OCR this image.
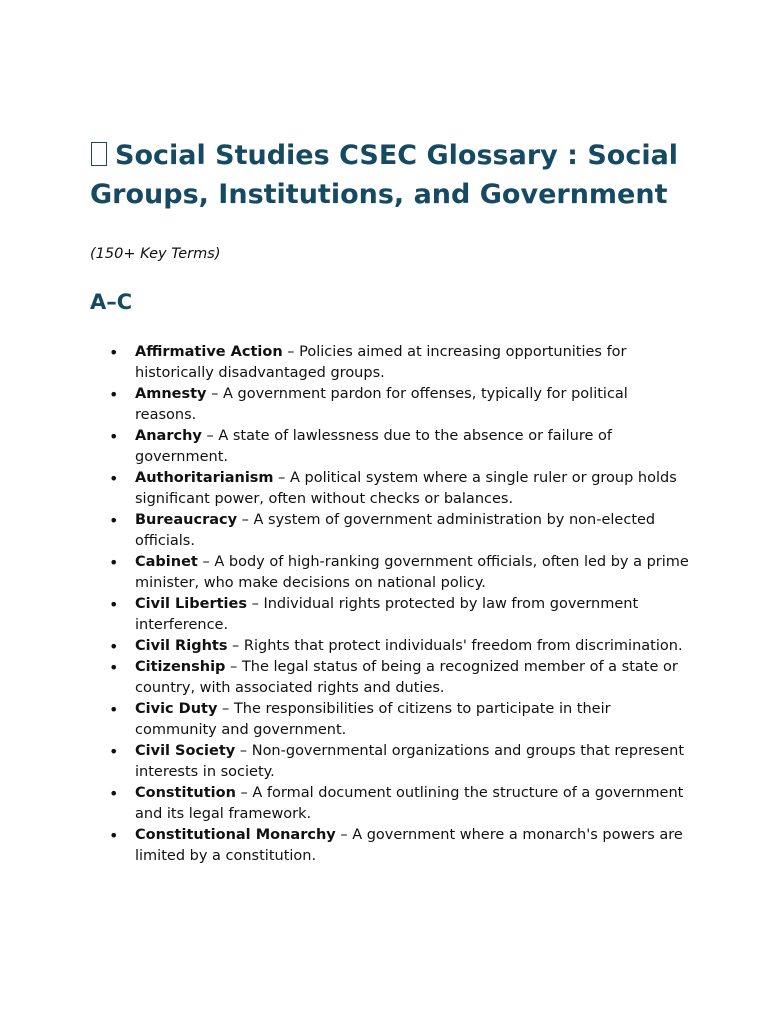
Social Studies CSEC Glossary : Social Groups, Institutions, and Government

(150+ Key Terms)

A–C
• Affirmative Action – Policies aimed at increasing opportunities for historically disadvantaged groups.
• Amnesty – A government pardon for offenses, typically for political reasons.
• Anarchy – A state of lawlessness due to the absence or failure of government.
• Authoritarianism – A political system where a single ruler or group holds significant power, often without checks or balances.
• Bureaucracy – A system of government administration by non-elected officials.
• Cabinet – A body of high-ranking government officials, often led by a prime minister, who make decisions on national policy.
• Civil Liberties – Individual rights protected by law from government interference.
• Civil Rights – Rights that protect individuals' freedom from discrimination.
• Citizenship – The legal status of being a recognized member of a state or country, with associated rights and duties.
• Civic Duty – The responsibilities of citizens to participate in their community and government.
• Civil Society – Non-governmental organizations and groups that represent interests in society.
• Constitution – A formal document outlining the structure of a government and its legal framework.
• Constitutional Monarchy – A government where a monarch's powers are limited by a constitution.
